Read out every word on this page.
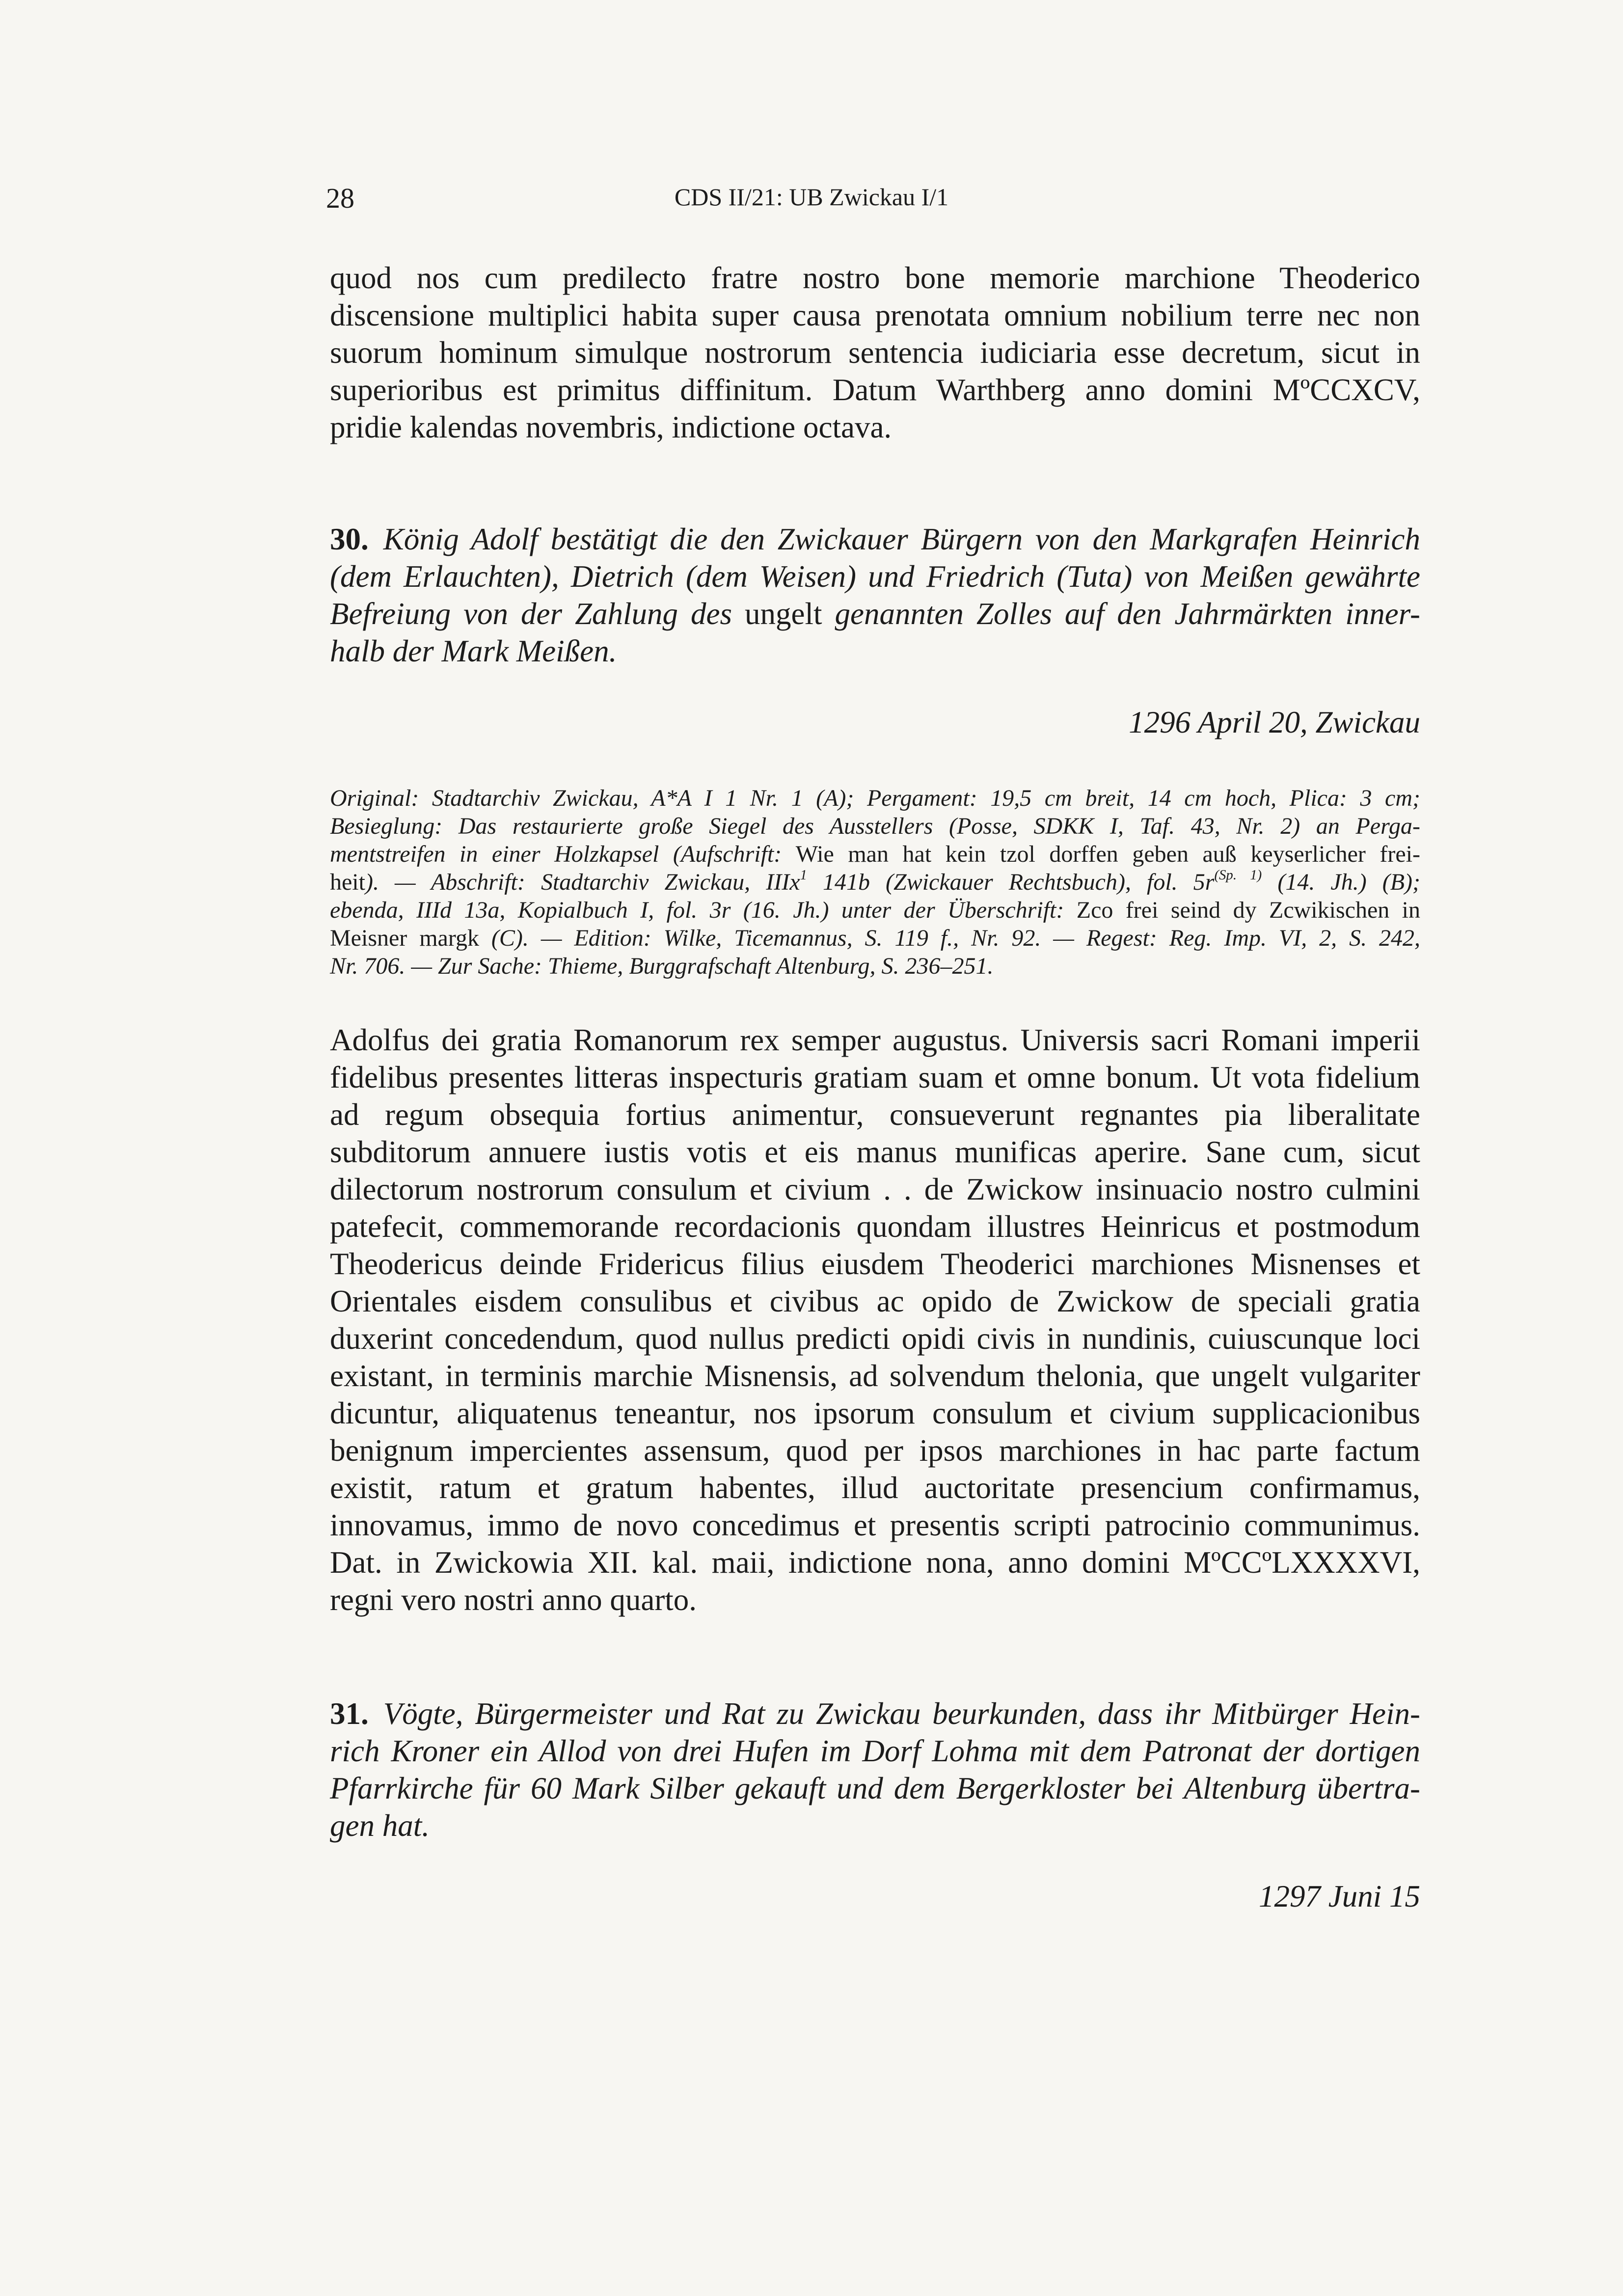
28	CDS II/21: UB Zwickau I/1
quod nos cum predilecto fratre nostro bone memorie marchione Theoderico
discensione multiplici habita super causa prenotata omnium nobilium terre nec non
suorum hominum simulque nostrorum sentencia iudiciaria esse decretum, sicut in
superioribus est primitus diffinitum. Datum Warthberg anno domini MºCCXCV,
pridie kalendas novembris, indictione octava.
30. König Adolf bestätigt die den Zwickauer Bürgern von den Markgrafen Heinrich
(dem Erlauchten), Dietrich (dem Weisen) und Friedrich (Tuta) von Meißen gewährte
Befreiung von der Zahlung des ungelt genannten Zolles auf den Jahrmärkten inner-
halb der Mark Meißen.
1296 April 20, Zwickau
Original: Stadtarchiv Zwickau, A*A I 1 Nr. 1 (A); Pergament: 19,5 cm breit, 14 cm hoch, Plica: 3 cm;
Besieglung: Das restaurierte große Siegel des Ausstellers (Posse, SDKK I, Taf. 43, Nr. 2) an Perga-
mentstreifen in einer Holzkapsel (Aufschrift: Wie man hat kein tzol dorffen geben auß keyserlicher frei-
heit). — Abschrift: Stadtarchiv Zwickau, IIIx$^1$ 141b (Zwickauer Rechtsbuch), fol. $5r^{(Sp. 1)}$ (14. Jh.) (B);
ebenda, IIId 13a, Kopialbuch I, fol. 3r (16. Jh.) unter der Überschrift: Zco frei seind dy Zcwikischen in
Meisner margk (C). — Edition: Wilke, Ticemannus, S. 119 f., Nr. 92. — Regest: Reg. Imp. VI, 2, S. 242,
Nr. 706. — Zur Sache: Thieme, Burggrafschaft Altenburg, S. 236–251.
Adolfus dei gratia Romanorum rex semper augustus. Universis sacri Romani imperii
fidelibus presentes litteras inspecturis gratiam suam et omne bonum. Ut vota fidelium
ad regum obsequia fortius animentur, consueverunt regnantes pia liberalitate
subditorum annuere iustis votis et eis manus munificas aperire. Sane cum, sicut
dilectorum nostrorum consulum et civium . . de Zwickow insinuacio nostro culmini
patefecit, commemorande recordacionis quondam illustres Heinricus et postmodum
Theodericus deinde Fridericus filius eiusdem Theoderici marchiones Misnenses et
Orientales eisdem consulibus et civibus ac opido de Zwickow de speciali gratia
duxerint concedendum, quod nullus predicti opidi civis in nundinis, cuiuscunque loci
existant, in terminis marchie Misnensis, ad solvendum thelonia, que ungelt vulgariter
dicuntur, aliquatenus teneantur, nos ipsorum consulum et civium supplicacionibus
benignum impercientes assensum, quod per ipsos marchiones in hac parte factum
existit, ratum et gratum habentes, illud auctoritate presencium confirmamus,
innovamus, immo de novo concedimus et presentis scripti patrocinio communimus.
Dat. in Zwickowia XII. kal. maii, indictione nona, anno domini MºCCºLXXXXVI,
regni vero nostri anno quarto.
31. Vögte, Bürgermeister und Rat zu Zwickau beurkunden, dass ihr Mitbürger Hein-
rich Kroner ein Allod von drei Hufen im Dorf Lohma mit dem Patronat der dortigen
Pfarrkirche für 60 Mark Silber gekauft und dem Bergerkloster bei Altenburg übertra-
gen hat.
1297 Juni 15
